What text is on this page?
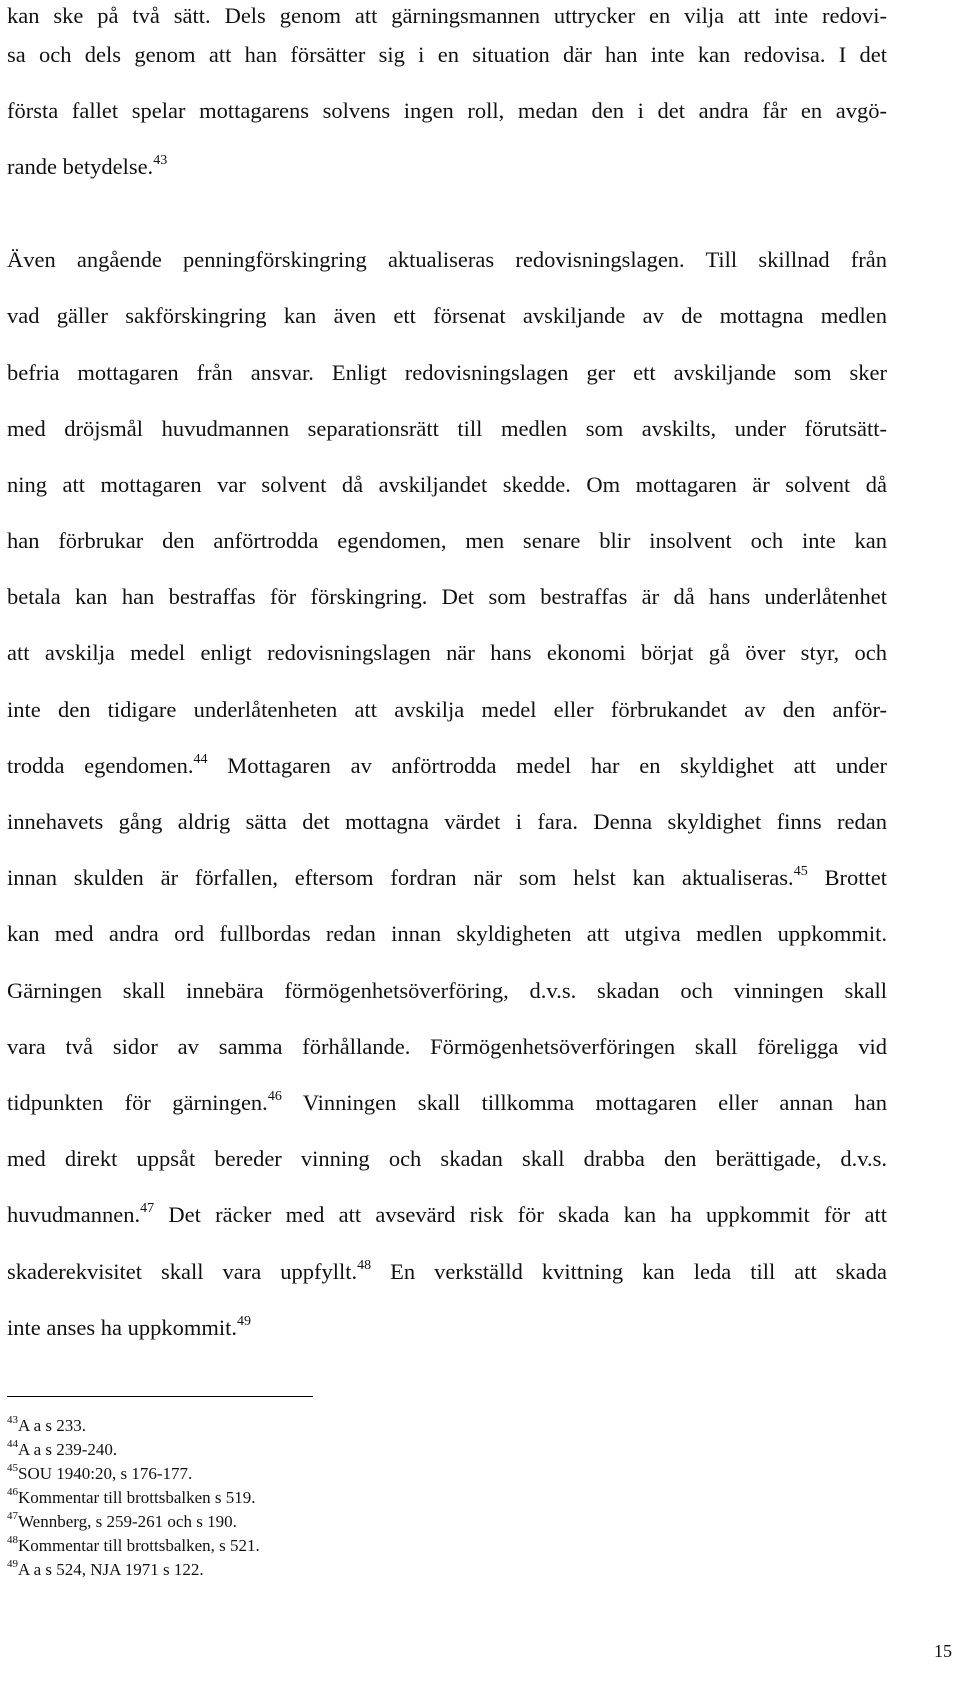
kan ske på två sätt. Dels genom att gärningsmannen uttrycker en vilja att inte redovi-
sa och dels genom att han försätter sig i en situation där han inte kan redovisa. I det
första fallet spelar mottagarens solvens ingen roll, medan den i det andra får en avgö-
rande betydelse.$^{43}$
Även angående penningförskingring aktualiseras redovisningslagen. Till skillnad från
vad gäller sakförskingring kan även ett försenat avskiljande av de mottagna medlen
befria mottagaren från ansvar. Enligt redovisningslagen ger ett avskiljande som sker
med dröjsmål huvudmannen separationsrätt till medlen som avskilts, under förutsätt-
ning att mottagaren var solvent då avskiljandet skedde. Om mottagaren är solvent då
han förbrukar den anförtrodda egendomen, men senare blir insolvent och inte kan
betala kan han bestraffas för förskingring. Det som bestraffas är då hans underlåtenhet
att avskilja medel enligt redovisningslagen när hans ekonomi börjat gå över styr, och
inte den tidigare underlåtenheten att avskilja medel eller förbrukandet av den anför-
trodda egendomen.$^{44}$ Mottagaren av anförtrodda medel har en skyldighet att under
innehavets gång aldrig sätta det mottagna värdet i fara. Denna skyldighet finns redan
innan skulden är förfallen, eftersom fordran när som helst kan aktualiseras.$^{45}$ Brottet
kan med andra ord fullbordas redan innan skyldigheten att utgiva medlen uppkommit.
Gärningen skall innebära förmögenhetsöverföring, d.v.s. skadan och vinningen skall
vara två sidor av samma förhållande. Förmögenhetsöverföringen skall föreligga vid
tidpunkten för gärningen.$^{46}$ Vinningen skall tillkomma mottagaren eller annan han
med direkt uppsåt bereder vinning och skadan skall drabba den berättigade, d.v.s.
huvudmannen.$^{47}$ Det räcker med att avsevärd risk för skada kan ha uppkommit för att
skaderekvisitet skall vara uppfyllt.$^{48}$ En verkställd kvittning kan leda till att skada
inte anses ha uppkommit.$^{49}$
$^{43}$A a s 233.
$^{44}$A a s 239-240.
$^{45}$SOU 1940:20, s 176-177.
$^{46}$Kommentar till brottsbalken s 519.
$^{47}$Wennberg, s 259-261 och s 190.
$^{48}$Kommentar till brottsbalken, s 521.
$^{49}$A a s 524, NJA 1971 s 122.
15
